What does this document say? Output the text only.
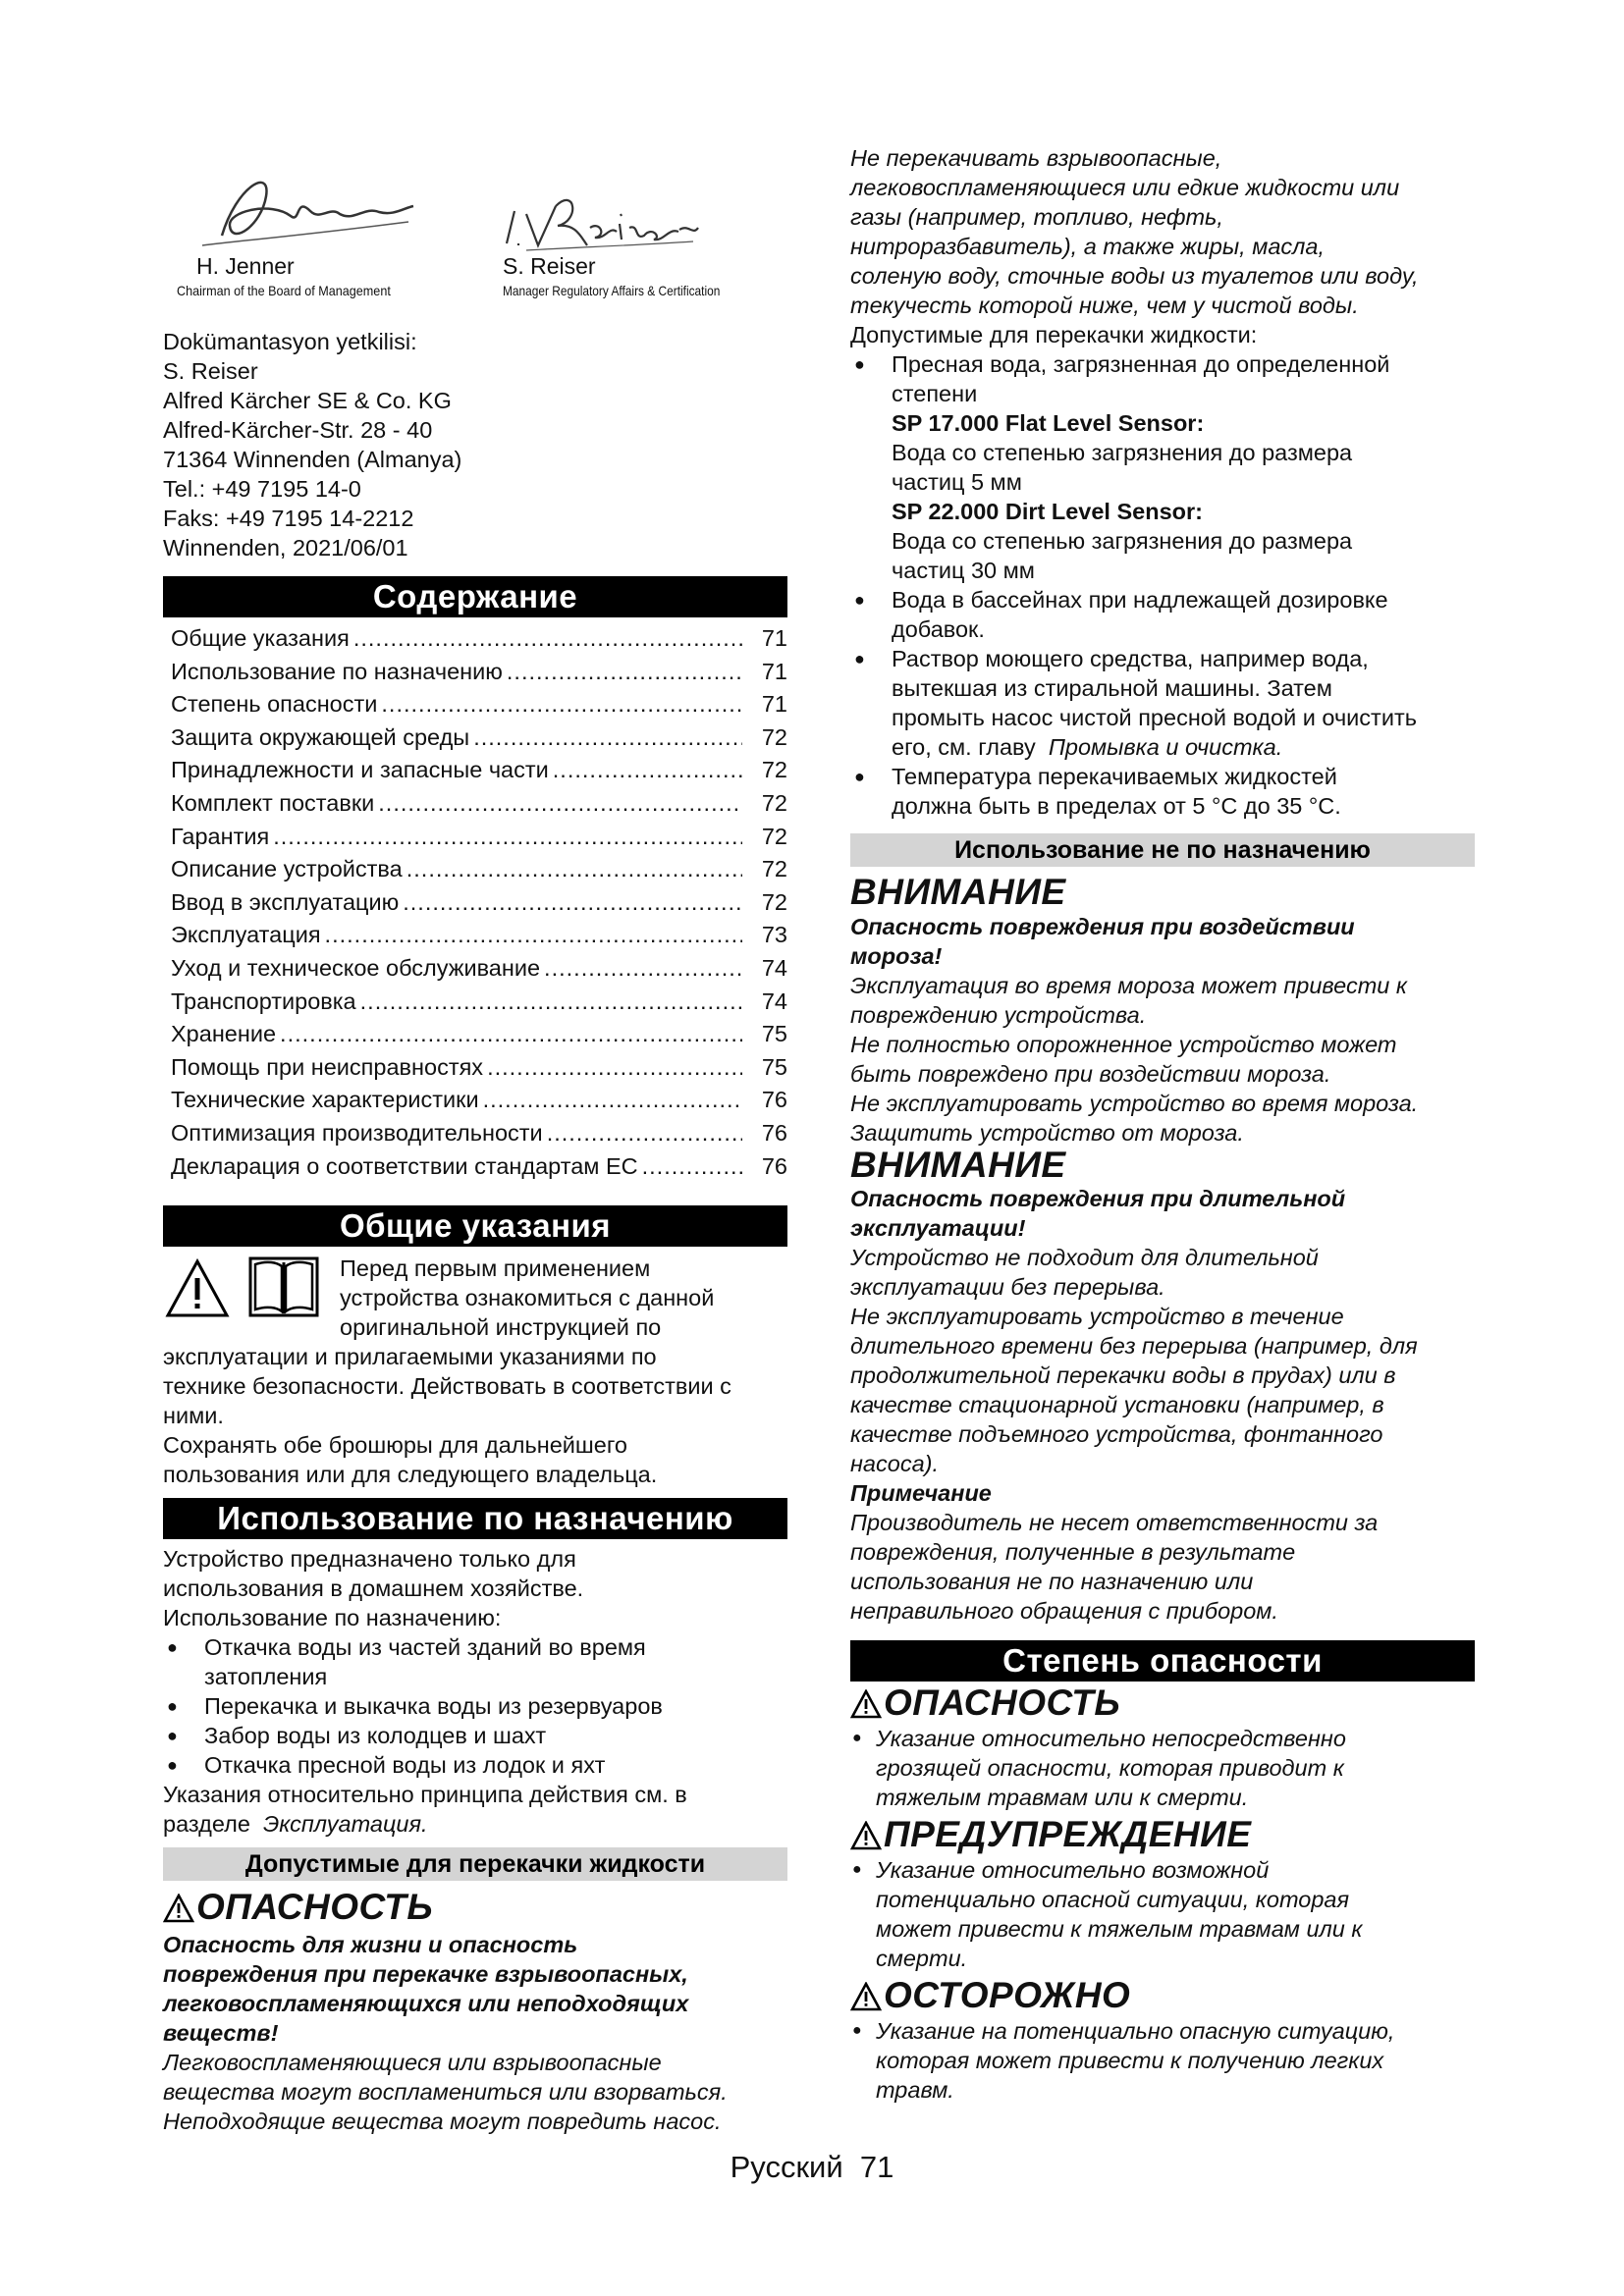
H. Jenner
Chairman of the Board of Management
S. Reiser
Manager Regulatory Affairs & Certification
Dokümantasyon yetkilisi:
S. Reiser
Alfred Kärcher SE & Co. KG
Alfred-Kärcher-Str. 28 - 40
71364 Winnenden (Almanya)
Tel.: +49 7195 14-0
Faks: +49 7195 14-2212
Winnenden, 2021/06/01
Содержание
Общие указания .....	71
Использование по назначению .....	71
Степень опасности .....	71
Защита окружающей среды .....	72
Принадлежности и запасные части .....	72
Комплект поставки .....	72
Гарантия .....	72
Описание устройства .....	72
Ввод в эксплуатацию .....	72
Эксплуатация .....	73
Уход и техническое обслуживание .....	74
Транспортировка .....	74
Хранение .....	75
Помощь при неисправностях .....	75
Технические характеристики .....	76
Оптимизация производительности .....	76
Декларация о соответствии стандартам ЕС .....	76
Общие указания
Перед первым применением
устройства ознакомиться с данной
оригинальной инструкцией по
эксплуатации и прилагаемыми указаниями по
технике безопасности. Действовать в соответствии с
ними.
Сохранять обе брошюры для дальнейшего
пользования или для следующего владельца.
Использование по назначению
Устройство предназначено только для
использования в домашнем хозяйстве.
Использование по назначению:
● Откачка воды из частей зданий во время
затопления
● Перекачка и выкачка воды из резервуаров
● Забор воды из колодцев и шахт
● Откачка пресной воды из лодок и яхт
Указания относительно принципа действия см. в
разделе Эксплуатация.
Допустимые для перекачки жидкости
ОПАСНОСТЬ
Опасность для жизни и опасность
повреждения при перекачке взрывоопасных,
легковоспламеняющихся или неподходящих
веществ!
Легковоспламеняющиеся или взрывоопасные
вещества могут воспламениться или взорваться.
Неподходящие вещества могут повредить насос.
Не перекачивать взрывоопасные,
легковоспламеняющиеся или едкие жидкости или
газы (например, топливо, нефть,
нитроразбавитель), а также жиры, масла,
соленую воду, сточные воды из туалетов или воду,
текучесть которой ниже, чем у чистой воды.
Допустимые для перекачки жидкости:
● Пресная вода, загрязненная до определенной
степени
SP 17.000 Flat Level Sensor:
Вода со степенью загрязнения до размера
частиц 5 мм
SP 22.000 Dirt Level Sensor:
Вода со степенью загрязнения до размера
частиц 30 мм
● Вода в бассейнах при надлежащей дозировке
добавок.
● Раствор моющего средства, например вода,
вытекшая из стиральной машины. Затем
промыть насос чистой пресной водой и очистить
его, см. главу Промывка и очистка.
● Температура перекачиваемых жидкостей
должна быть в пределах от 5 °C до 35 °C.
Использование не по назначению
ВНИМАНИЕ
Опасность повреждения при воздействии
мороза!
Эксплуатация во время мороза может привести к
повреждению устройства.
Не полностью опорожненное устройство может
быть повреждено при воздействии мороза.
Не эксплуатировать устройство во время мороза.
Защитить устройство от мороза.
ВНИМАНИЕ
Опасность повреждения при длительной
эксплуатации!
Устройство не подходит для длительной
эксплуатации без перерыва.
Не эксплуатировать устройство в течение
длительного времени без перерыва (например, для
продолжительной перекачки воды в прудах) или в
качестве стационарной установки (например, в
качестве подъемного устройства, фонтанного
насоса).
Примечание
Производитель не несет ответственности за
повреждения, полученные в результате
использования не по назначению или
неправильного обращения с прибором.
Степень опасности
ОПАСНОСТЬ
● Указание относительно непосредственно
грозящей опасности, которая приводит к
тяжелым травмам или к смерти.
ПРЕДУПРЕЖДЕНИЕ
● Указание относительно возможной
потенциально опасной ситуации, которая
может привести к тяжелым травмам или к
смерти.
ОСТОРОЖНО
● Указание на потенциально опасную ситуацию,
которая может привести к получению легких
травм.
Русский 71
